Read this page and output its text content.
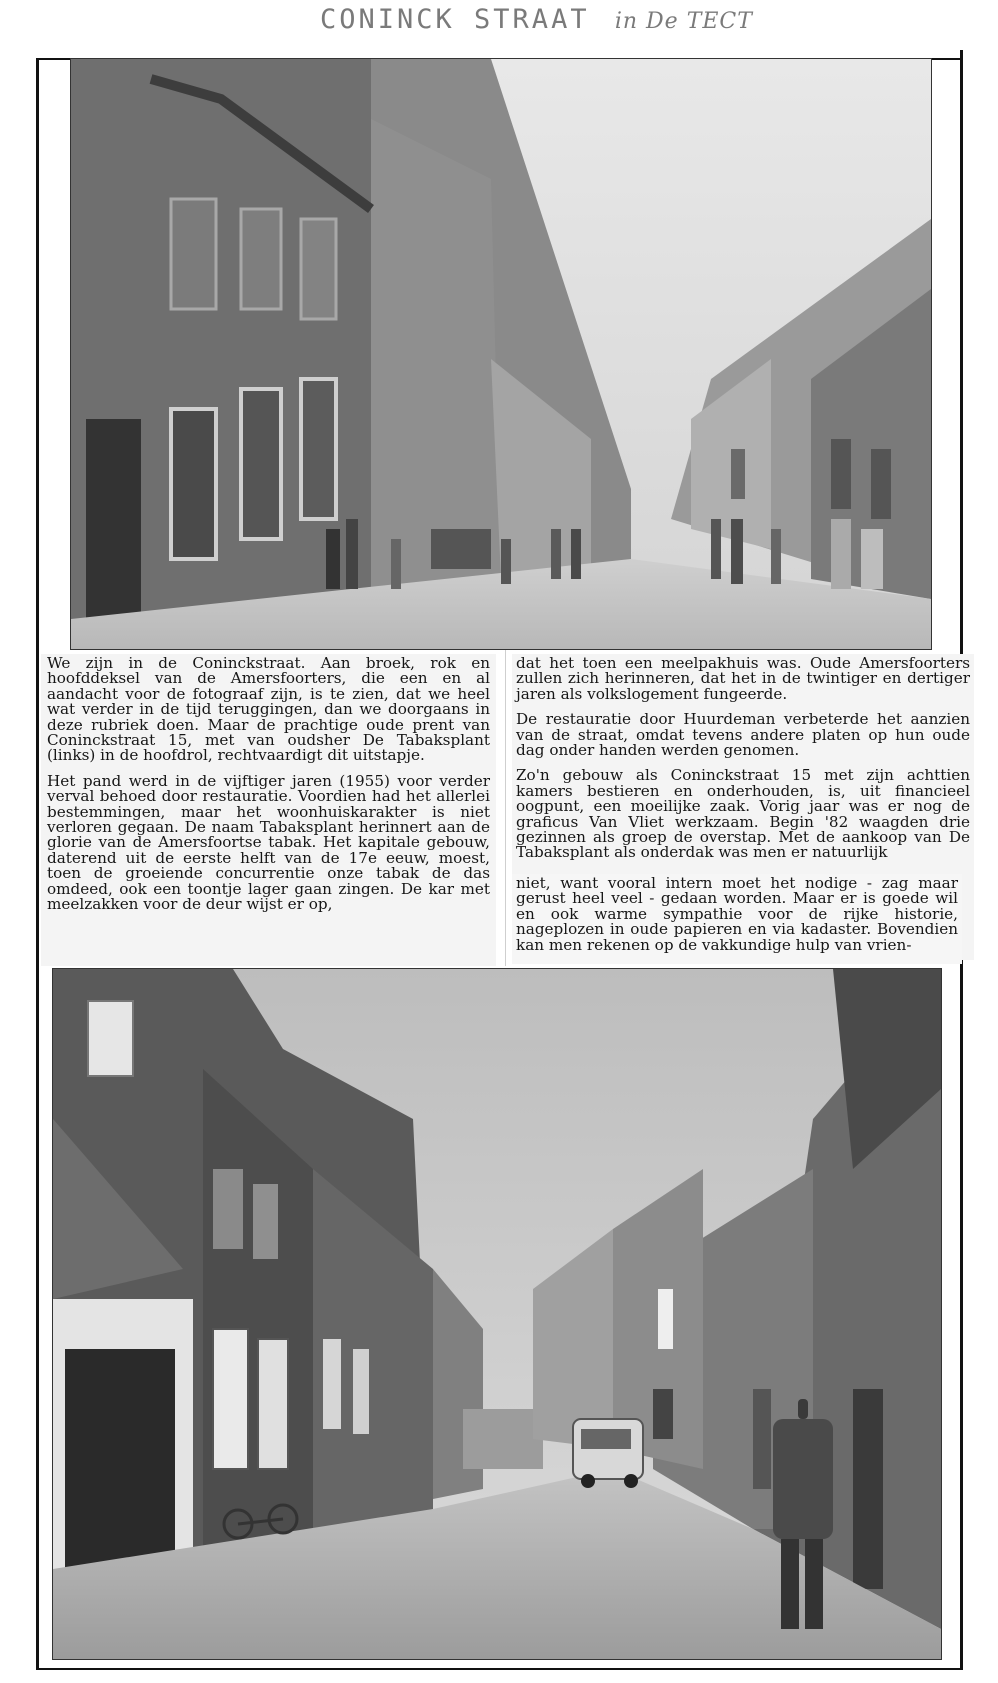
CONINCK STRAAT in De TECT

We zijn in de Coninckstraat. Aan broek, rok en hoofddeksel van de Amersfoorters, die een en al aandacht voor de fotograaf zijn, is te zien, dat we heel wat verder in de tijd teruggingen, dan we doorgaans in deze rubriek doen. Maar de prachtige oude prent van Coninckstraat 15, met van oudsher De Tabaksplant (links) in de hoofdrol, rechtvaardigt dit uitstapje.

Het pand werd in de vijftiger jaren (1955) voor verder verval behoed door restauratie. Voordien had het allerlei bestemmingen, maar het woonhuiskarakter is niet verloren gegaan. De naam Tabaksplant herinnert aan de glorie van de Amersfoortse tabak. Het kapitale gebouw, daterend uit de eerste helft van de 17e eeuw, moest, toen de groeiende concurrentie onze tabak de das omdeed, ook een toontje lager gaan zingen. De kar met meelzakken voor de deur wijst er op,

dat het toen een meelpakhuis was. Oude Amersfoorters zullen zich herinneren, dat het in de twintiger en dertiger jaren als volkslogement fungeerde.

De restauratie door Huurdeman verbeterde het aanzien van de straat, omdat tevens andere platen op hun oude dag onder handen werden genomen.

Zo'n gebouw als Coninckstraat 15 met zijn achttien kamers bestieren en onderhouden, is, uit financieel oogpunt, een moeilijke zaak. Vorig jaar was er nog de graficus Van Vliet werkzaam. Begin '82 waagden drie gezinnen als groep de overstap. Met de aankoop van De Tabaksplant als onderdak was men er natuurlijk

niet, want vooral intern moet het nodige - zag maar gerust heel veel - gedaan worden. Maar er is goede wil en ook warme sympathie voor de rijke historie, nageplozen in oude papieren en via kadaster. Bovendien kan men rekenen op de vakkundige hulp van vrien-
